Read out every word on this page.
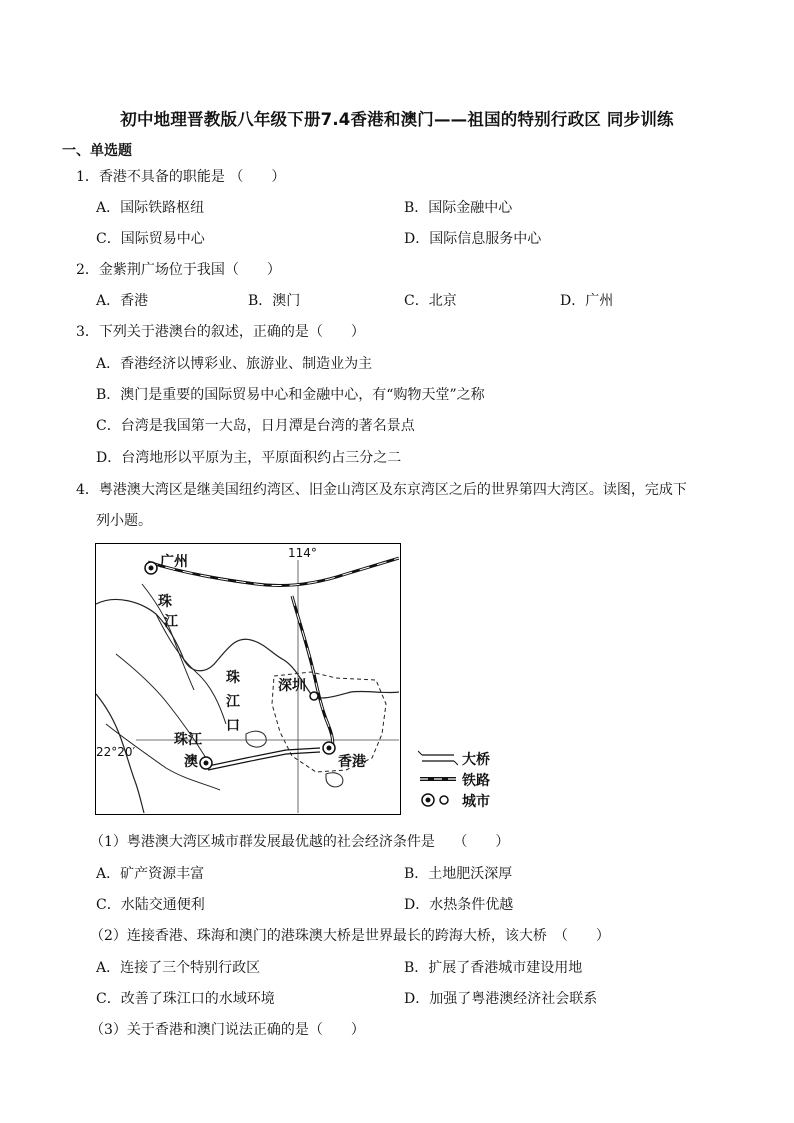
初中地理晋教版八年级下册7.4香港和澳门——祖国的特别行政区 同步训练
一、单选题
1．香港不具备的职能是 （　　）
A．国际铁路枢纽	B．国际金融中心
C．国际贸易中心	D．国际信息服务中心
2．金紫荆广场位于我国（　　）
A．香港	B．澳门	C．北京	D．广州
3．下列关于港澳台的叙述，正确的是（　　）
A．香港经济以博彩业、旅游业、制造业为主
B．澳门是重要的国际贸易中心和金融中心，有“购物天堂”之称
C．台湾是我国第一大岛，日月潭是台湾的著名景点
D．台湾地形以平原为主，平原面积约占三分之二
4．粤港澳大湾区是继美国纽约湾区、旧金山湾区及东京湾区之后的世界第四大湾区。读图，完成下
列小题。
广州
珠
江
珠
江
口
深圳
珠江
澳	香港
114°
22°20′	大桥
铁路
城市
（1）粤港澳大湾区城市群发展最优越的社会经济条件是　 （　　）
A．矿产资源丰富	B．土地肥沃深厚
C．水陆交通便利	D．水热条件优越
（2）连接香港、珠海和澳门的港珠澳大桥是世界最长的跨海大桥，该大桥　（　　）
A．连接了三个特别行政区	B．扩展了香港城市建设用地
C．改善了珠江口的水域环境	D．加强了粤港澳经济社会联系
（3）关于香港和澳门说法正确的是（　　）
